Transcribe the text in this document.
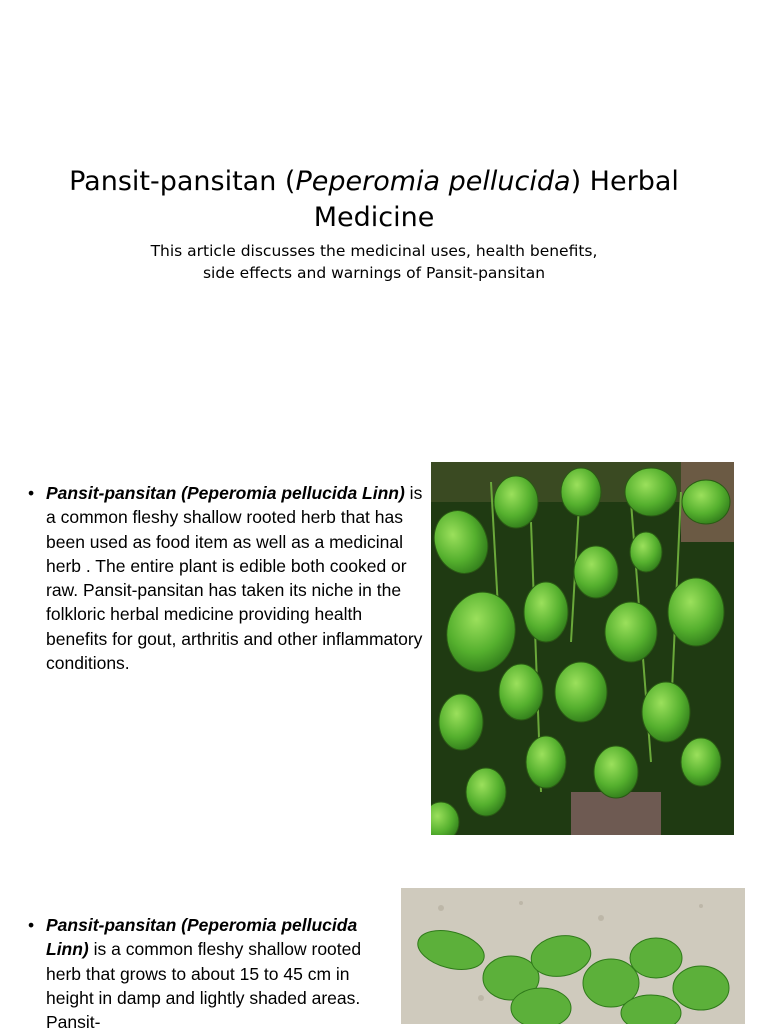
Pansit-pansitan (Peperomia pellucida) Herbal Medicine

This article discusses the medicinal uses, health benefits,
side effects and warnings of Pansit-pansitan

• Pansit-pansitan (Peperomia pellucida Linn) is a common fleshy shallow rooted herb that has been used as food item as well as a medicinal herb . The entire plant is edible both cooked or raw. Pansit-pansitan has taken its niche in the folkloric herbal medicine providing health benefits for gout, arthritis and other inflammatory conditions.

• Pansit-pansitan (Peperomia pellucida Linn) is a common fleshy shallow rooted herb that grows to about 15 to 45 cm in height in damp and lightly shaded areas. Pansit-
